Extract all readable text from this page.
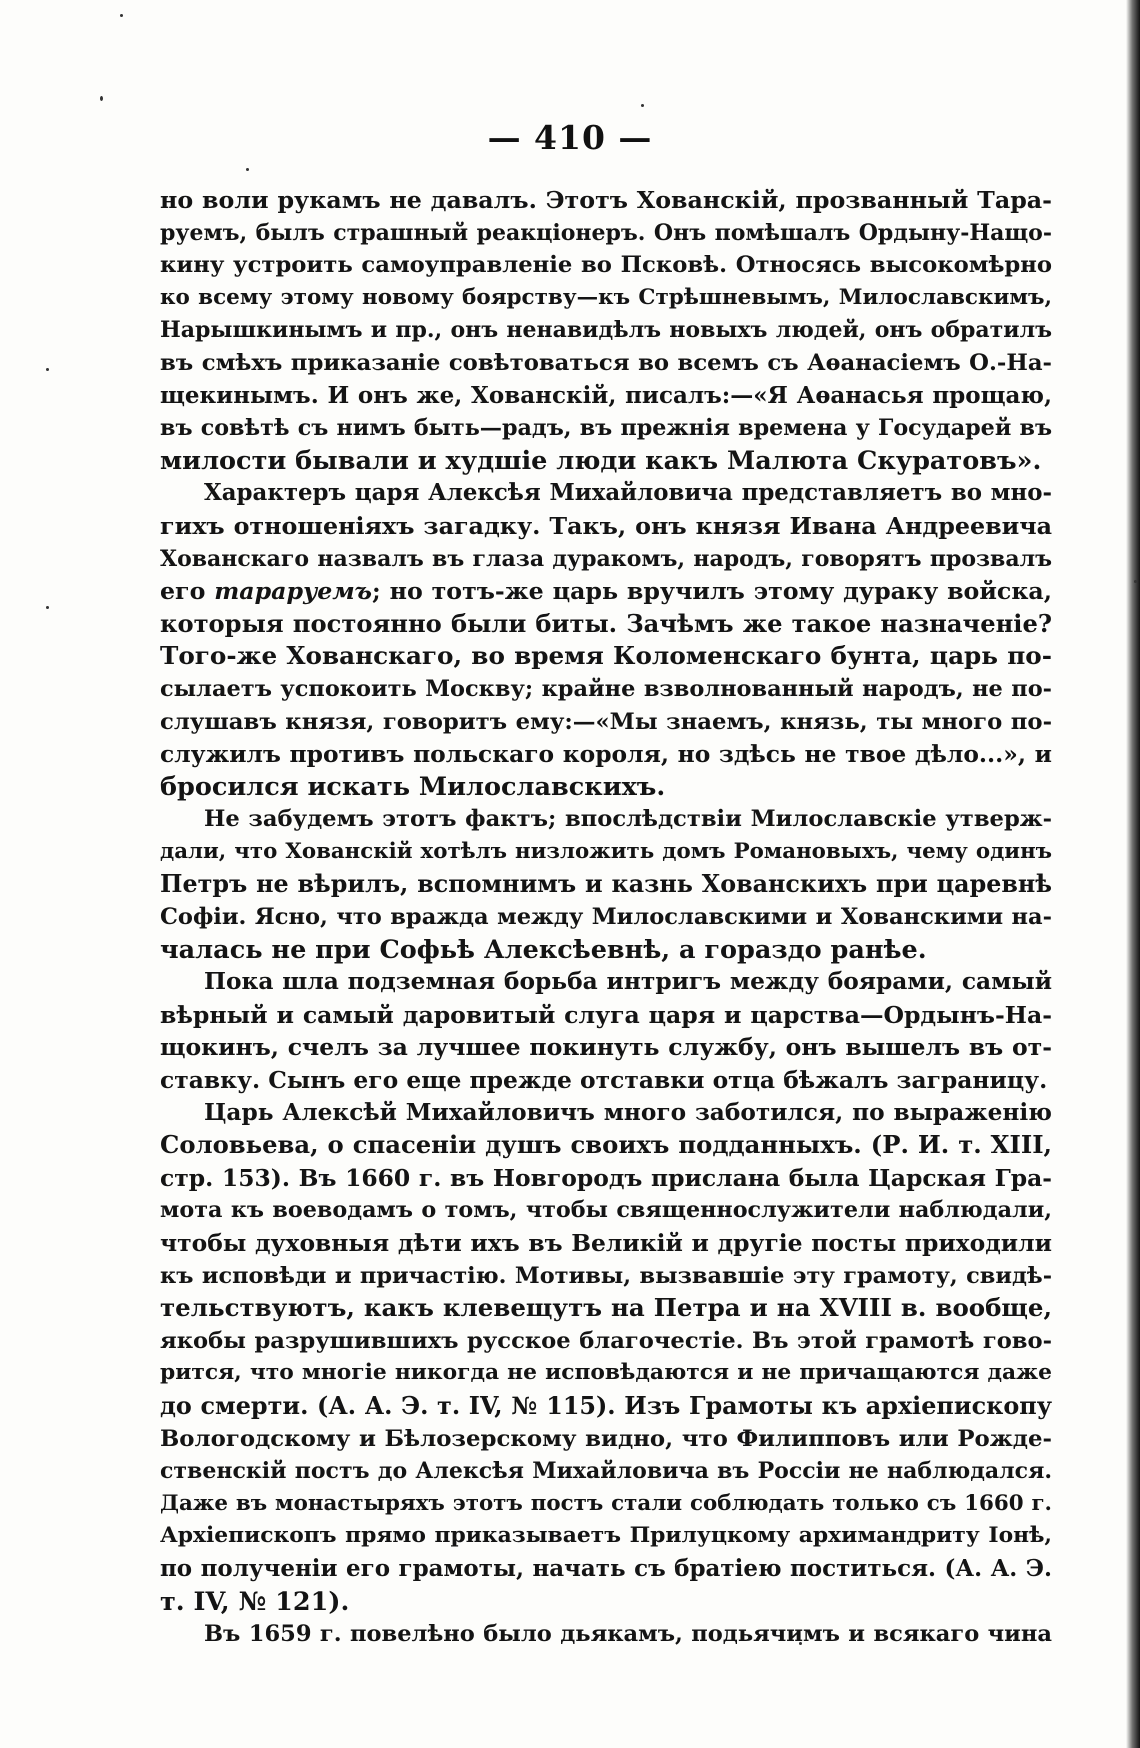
— 410 —
но воли рукамъ не давалъ. Этотъ Хованскій, прозванный Тара-
руемъ, былъ страшный реакціонеръ. Онъ помѣшалъ Ордыну-Нащо-
кину устроить самоуправленіе во Псковѣ. Относясь высокомѣрно
ко всему этому новому боярству—къ Стрѣшневымъ, Милославскимъ,
Нарышкинымъ и пр., онъ ненавидѣлъ новыхъ людей, онъ обратилъ
въ смѣхъ приказаніе совѣтоваться во всемъ съ Аѳанасіемъ О.-На-
щекинымъ. И онъ же, Хованскій, писалъ:—«Я Аѳанасья прощаю,
въ совѣтѣ съ нимъ быть—радъ, въ прежнія времена у Государей въ
милости бывали и худшіе люди какъ Малюта Скуратовъ».
Характеръ царя Алексѣя Михайловича представляетъ во мно-
гихъ отношеніяхъ загадку. Такъ, онъ князя Ивана Андреевича
Хованскаго назвалъ въ глаза дуракомъ, народъ, говорятъ прозвалъ
его тарaруемъ; но тотъ-же царь вручилъ этому дураку войска,
которыя постоянно были биты. Зачѣмъ же такое назначеніе?
Того-же Хованскаго, во время Коломенскаго бунта, царь по-
сылаетъ успокоить Москву; крайне взволнованный народъ, не по-
слушавъ князя, говоритъ ему:—«Мы знаемъ, князь, ты много по-
служилъ противъ польскаго короля, но здѣсь не твое дѣло...», и
бросился искать Милославскихъ.
Не забудемъ этотъ фактъ; впослѣдствіи Милославскіе утверж-
дали, что Хованскій хотѣлъ низложить домъ Романовыхъ, чему одинъ
Петръ не вѣрилъ, вспомнимъ и казнь Хованскихъ при царевнѣ
Софіи. Ясно, что вражда между Милославскими и Хованскими на-
чалась не при Софьѣ Алексѣевнѣ, а гораздо ранѣе.
Пока шла подземная борьба интригъ между боярами, самый
вѣрный и самый даровитый слуга царя и царства—Ордынъ-На-
щокинъ, счелъ за лучшее покинуть службу, онъ вышелъ въ от-
ставку. Сынъ его еще прежде отставки отца бѣжалъ заграницу.
Царь Алексѣй Михайловичъ много заботился, по выраженію
Соловьева, о спасеніи душъ своихъ подданныхъ. (Р. И. т. XIII,
стр. 153). Въ 1660 г. въ Новгородъ прислана была Царская Гра-
мота къ воеводамъ о томъ, чтобы священнослужители наблюдали,
чтобы духовныя дѣти ихъ въ Великій и другіе посты приходили
къ исповѣди и причастію. Мотивы, вызвавшіе эту грамоту, свидѣ-
тельствуютъ, какъ клевещутъ на Петра и на XVIII в. вообще,
якобы разрушившихъ русское благочестіе. Въ этой грамотѣ гово-
рится, что многіе никогда не исповѣдаются и не причащаются даже
до смерти. (А. А. Э. т. IV, № 115). Изъ Грамоты къ архіепископу
Вологодскому и Бѣлозерскому видно, что Филипповъ или Рожде-
ственскій постъ до Алексѣя Михайловича въ Россіи не наблюдался.
Даже въ монастыряхъ этотъ постъ стали соблюдать только съ 1660 г.
Архіепископъ прямо приказываетъ Прилуцкому архимандриту Іонѣ,
по полученіи его грамоты, начать съ братіею поститься. (А. А. Э.
т. IV, № 121).
Въ 1659 г. повелѣно было дьякамъ, подьячимъ и всякаго чина
